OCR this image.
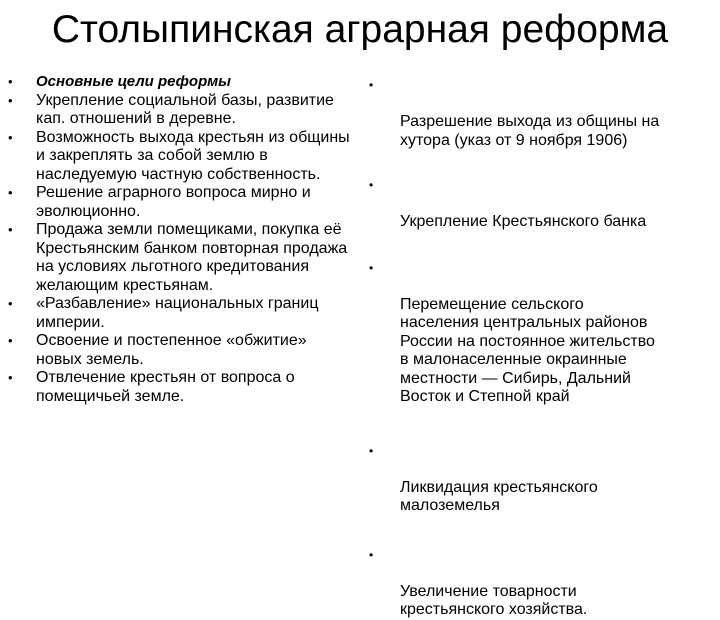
Столыпинская аграрная реформа
• Основные цели реформы
• Укрепление социальной базы, развитие кап. отношений в деревне.
• Возможность выхода крестьян из общины и закреплять за собой землю в наследуемую частную собственность.
• Решение аграрного вопроса мирно и эволюционно.
• Продажа земли помещиками, покупка её Крестьянским банком повторная продажа на условиях льготного кредитования желающим крестьянам.
• «Разбавление» национальных границ империи.
• Освоение и постепенное «обжитие» новых земель.
• Отвлечение крестьян от вопроса о помещичьей земле.

•

Разрешение выхода из общины на
хутора (указ от 9 ноября 1906)

•

Укрепление Крестьянского банка

•

Перемещение сельского
населения центральных районов
России на постоянное жительство
в малонаселенные окраинные
местности — Сибирь, Дальний
Восток и Степной край

•

Ликвидация крестьянского
малоземелья

•

Увеличение товарности
крестьянского хозяйства.
